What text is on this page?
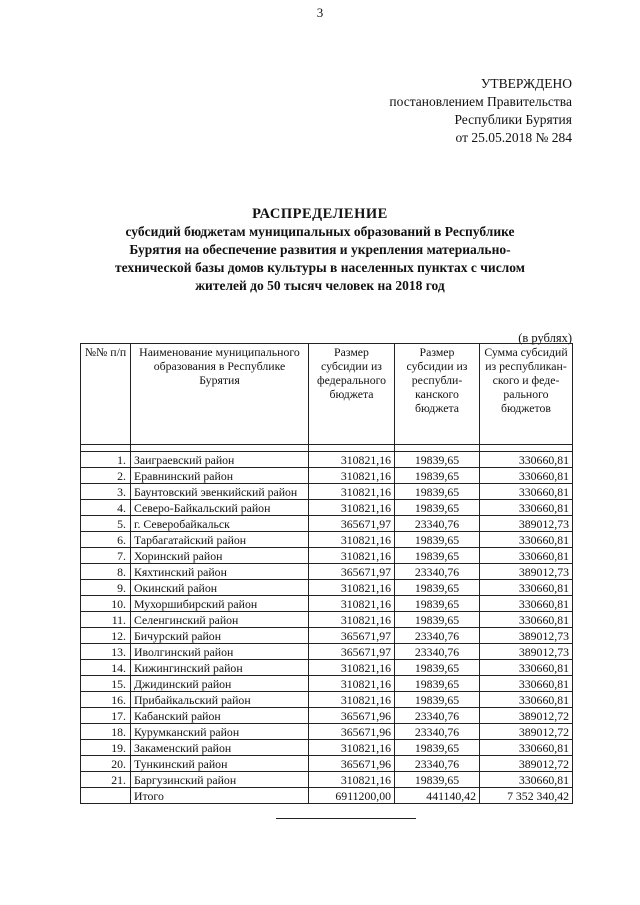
3
УТВЕРЖДЕНО
постановлением Правительства
Республики Бурятия
от 25.05.2018 № 284
РАСПРЕДЕЛЕНИЕ
субсидий бюджетам муниципальных образований в Республике Бурятия на обеспечение развития и укрепления материально-технической базы домов культуры в населенных пунктах с числом жителей до 50 тысяч человек на 2018 год
(в рублях)
№№ п/п	Наименование муниципального образования в Республике Бурятия	Размер субсидии из федерального бюджета	Размер субсидии из республи-канского бюджета	Сумма субсидий из республикан-ского и феде-рального бюджетов

1.	Заиграевский район	310821,16	19839,65	330660,81
2.	Еравнинский район	310821,16	19839,65	330660,81
3.	Баунтовский эвенкийский район	310821,16	19839,65	330660,81
4.	Северо-Байкальский район	310821,16	19839,65	330660,81
5.	г. Северобайкальск	365671,97	23340,76	389012,73
6.	Тарбагатайский район	310821,16	19839,65	330660,81
7.	Хоринский район	310821,16	19839,65	330660,81
8.	Кяхтинский район	365671,97	23340,76	389012,73
9.	Окинский район	310821,16	19839,65	330660,81
10.	Мухоршибирский район	310821,16	19839,65	330660,81
11.	Селенгинский район	310821,16	19839,65	330660,81
12.	Бичурский район	365671,97	23340,76	389012,73
13.	Иволгинский район	365671,97	23340,76	389012,73
14.	Кижингинский район	310821,16	19839,65	330660,81
15.	Джидинский район	310821,16	19839,65	330660,81
16.	Прибайкальский район	310821,16	19839,65	330660,81
17.	Кабанский район	365671,96	23340,76	389012,72
18.	Курумканский район	365671,96	23340,76	389012,72
19.	Закаменский район	310821,16	19839,65	330660,81
20.	Тункинский район	365671,96	23340,76	389012,72
21.	Баргузинский район	310821,16	19839,65	330660,81
	Итого	6911200,00	441140,42	7 352 340,42
